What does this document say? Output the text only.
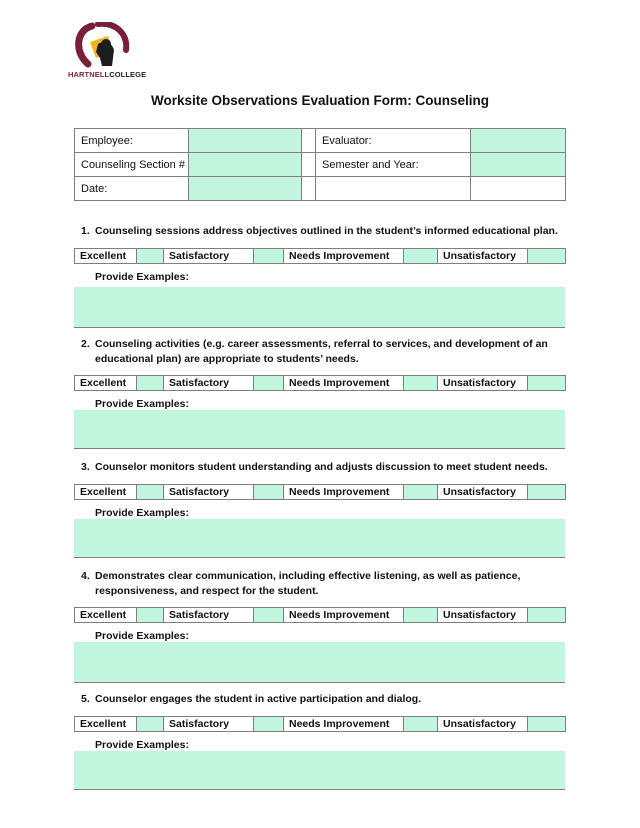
HARTNELLCOLLEGE
Worksite Observations Evaluation Form: Counseling
Employee:			Evaluator:	
Counseling Section #			Semester and Year:	
Date:				
1. Counseling sessions address objectives outlined in the student’s informed educational plan.
Excellent		Satisfactory		Needs Improvement		Unsatisfactory	
Provide Examples:
2. Counseling activities (e.g. career assessments, referral to services, and development of an
educational plan) are appropriate to students’ needs.
Excellent		Satisfactory		Needs Improvement		Unsatisfactory	
Provide Examples:
3. Counselor monitors student understanding and adjusts discussion to meet student needs.
Excellent		Satisfactory		Needs Improvement		Unsatisfactory	
Provide Examples:
4. Demonstrates clear communication, including effective listening, as well as patience,
responsiveness, and respect for the student.
Excellent		Satisfactory		Needs Improvement		Unsatisfactory	
Provide Examples:
5. Counselor engages the student in active participation and dialog.
Excellent		Satisfactory		Needs Improvement		Unsatisfactory	
Provide Examples:
